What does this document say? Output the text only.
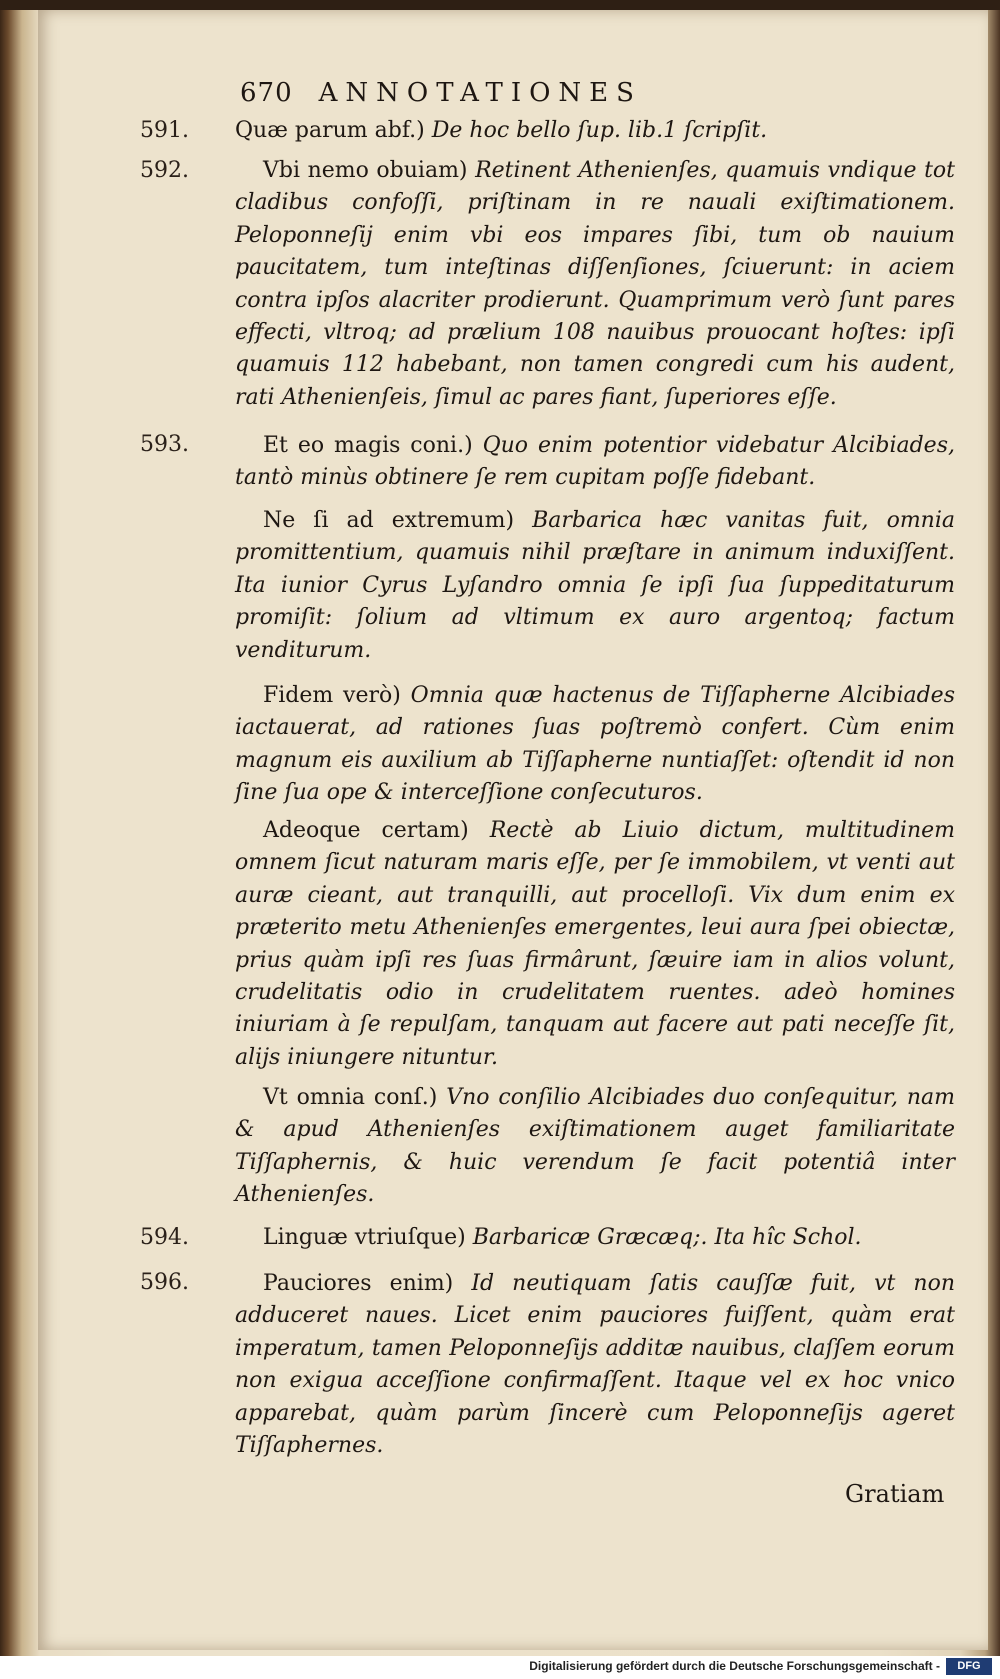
670 ANNOTATIONES
591. Quæ parum abf.) De hoc bello ſup. lib.1 ſcripſit.
592.	Vbi nemo obuiam) Retinent Athenienſes, quamuis vndique tot cladibus confoſſi, priſtinam in re nauali exiſtimationem. Peloponneſij enim vbi eos impares ſibi, tum ob nauium paucitatem, tum inteſtinas diſſenſiones, ſciuerunt: in aciem contra ipſos alacriter prodierunt. Quamprimum verò ſunt pares effecti, vltroq; ad prælium 108 nauibus prouocant hoſtes: ipſi quamuis 112 habebant, non tamen congredi cum his audent, rati Athenienſeis, ſimul ac pares fiant, ſuperiores eſſe.
593.	Et eo magis coni.) Quo enim potentior videbatur Alcibiades, tantò minùs obtinere ſe rem cupitam poſſe fidebant.
Ne ſi ad extremum) Barbarica hæc vanitas fuit, omnia promittentium, quamuis nihil præſtare in animum induxiſſent. Ita iunior Cyrus Lyſandro omnia ſe ipſi ſua ſuppeditaturum promiſit: ſolium ad vltimum ex auro argentoq; factum venditurum.
Fidem verò) Omnia quæ hactenus de Tiſſapherne Alcibiades iactauerat, ad rationes ſuas poſtremò confert. Cùm enim magnum eis auxilium ab Tiſſapherne nuntiaſſet: oſtendit id non ſine ſua ope & interceſſione conſecuturos.
Adeoque certam) Rectè ab Liuio dictum, multitudinem omnem ſicut naturam maris eſſe, per ſe immobilem, vt venti aut auræ cieant, aut tranquilli, aut procelloſi. Vix dum enim ex præterito metu Athenienſes emergentes, leui aura ſpei obiectæ, prius quàm ipſi res ſuas firmârunt, ſæuire iam in alios volunt, crudelitatis odio in crudelitatem ruentes. adeò homines iniuriam à ſe repulſam, tanquam aut facere aut pati neceſſe ſit, alijs iniungere nituntur.
Vt omnia conſ.) Vno conſilio Alcibiades duo conſequitur, nam & apud Athenienſes exiſtimationem auget familiaritate Tiſſaphernis, & huic verendum ſe facit potentiâ inter Athenienſes.
594.	Linguæ vtriuſque) Barbaricæ Græcæq;. Ita hîc Schol.
596.	Pauciores enim) Id neutiquam ſatis cauſſæ fuit, vt non adduceret naues. Licet enim pauciores fuiſſent, quàm erat imperatum, tamen Peloponneſijs additæ nauibus, claſſem eorum non exigua acceſſione confirmaſſent. Itaque vel ex hoc vnico apparebat, quàm parùm ſincerè cum Peloponneſijs ageret Tiſſaphernes.
Gratiam
Digitalisierung gefördert durch die Deutsche Forschungsgemeinschaft -	DFG
